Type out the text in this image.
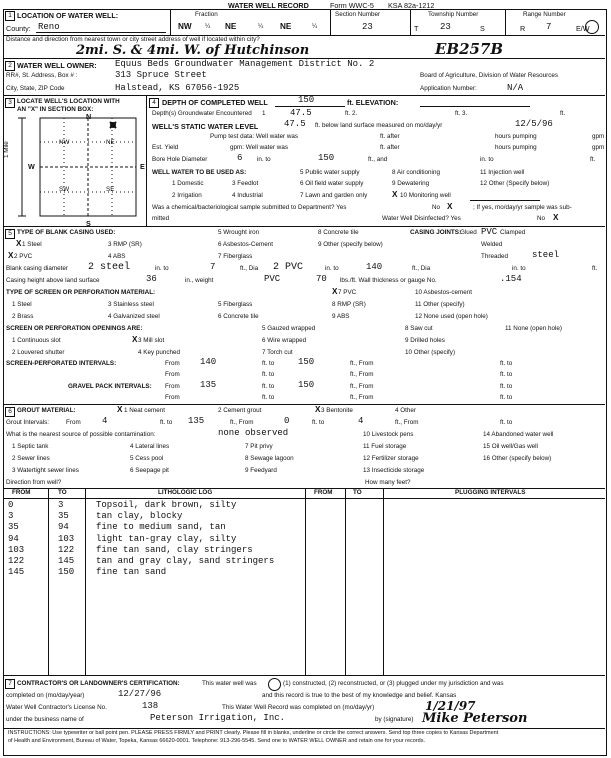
WATER WELL RECORD	Form WWC-5 KSA 82a-1212
1 LOCATION OF WATER WELL:	Fraction	Section Number	Township Number	Range Number
County: Reno	NW ¼ NE	¼ NE	¼	23	T 23	S	R 7	E/W
Distance and direction from nearest town or city street address of well if located within city?
2mi. S. & 4mi. W. of Hutchinson	EB257B
2 WATER WELL OWNER: Equus Beds Groundwater Management District No. 2
RR#, St. Address, Box # :	313 Spruce Street	Board of Agriculture, Division of Water Resources
City, State, ZIP Code	Halstead, KS 67056-1925	Application Number:	N/A
3 LOCATE WELL'S LOCATION WITH
AN "X" IN SECTION BOX:
N
S
W	E
NW	NE
SW	SE
1 Mile
4 DEPTH OF COMPLETED WELL	150	ft. ELEVATION:
Depth(s) Groundwater Encountered 1	47.5	ft. 2.	ft. 3.	ft.
WELL'S STATIC WATER LEVEL	47.5 ft. below land surface measured on mo/day/yr	12/5/96
Pump test data: Well water was	ft. after	hours pumping	gpm
Est. Yield	gpm: Well water was	ft. after	hours pumping	gpm
Bore Hole Diameter	6 in. to	150	ft., and	in. to	ft.
WELL WATER TO BE USED AS:	5 Public water supply	8 Air conditioning	11 Injection well
1 Domestic	3 Feedlot	6 Oil field water supply	9 Dewatering	12 Other (Specify below)
2 Irrigation	4 Industrial	7 Lawn and garden only	X 10 Monitoring well
Was a chemical/bacteriological sample submitted to Department? Yes	No X	; If yes, mo/day/yr sample was sub-
mitted	Water Well Disinfected? Yes	No X
5 TYPE OF BLANK CASING USED:	5 Wrought iron	8 Concrete tile	CASING JOINTS:
Glued PVC Clamped
X 1 Steel	3 RMP (SR)	6 Asbestos-Cement	9 Other (specify below)	Welded
X 2 PVC	4 ABS	7 Fiberglass	Threaded	steel
Blank casing diameter 2 steel	in. to	7	ft., Dia 2 PVC	in. to	140	ft., Dia	in. to	ft.
Casing height above land surface	36	in., weight	PVC	70 lbs./ft. Wall thickness or gauge No.	.154
TYPE OF SCREEN OR PERFORATION MATERIAL:	X 7 PVC	10 Asbestos-cement
1 Steel	3 Stainless steel	5 Fiberglass	8 RMP (SR)	11 Other (specify)
2 Brass	4 Galvanized steel	6 Concrete tile	9 ABS	12 None used (open hole)
SCREEN OR PERFORATION OPENINGS ARE:	5 Gauzed wrapped	8 Saw cut	11 None (open hole)
1 Continuous slot	X 3 Mill slot	6 Wire wrapped	9 Drilled holes
2 Louvered shutter	4 Key punched	7 Torch cut	10 Other (specify)
SCREEN-PERFORATED INTERVALS:	From 140	ft. to	150	ft., From	ft. to
From	ft. to	ft., From	ft. to
GRAVEL PACK INTERVALS: From 135	ft. to	150	ft., From	ft. to
From	ft. to	ft., From	ft. to
6 GROUT MATERIAL:	X 1 Neat cement	2 Cement grout	X 3 Bentonite	4 Other
Grout Intervals:	From 4	ft. to 135	ft., From	0	ft. to	4	ft., From	ft. to
What is the nearest source of possible contamination:	none observed	10 Livestock pens	14 Abandoned water well
1 Septic tank	4 Lateral lines	7 Pit privy	11 Fuel storage	15 Oil well/Gas well
2 Sewer lines	5 Cess pool	8 Sewage lagoon	12 Fertilizer storage	16 Other (specify below)
3 Watertight sewer lines	6 Seepage pit	9 Feedyard	13 Insecticide storage
Direction from well?	How many feet?
FROM	TO	LITHOLOGIC LOG	FROM	TO	PLUGGING INTERVALS
0	3	Topsoil, dark brown, silty
3	35	tan clay, blocky
35	94	fine to medium sand, tan
94	103 light tan-gray clay, silty
103	122 fine tan sand, clay stringers
122	145 tan and gray clay, sand stringers
145	150 fine tan sand
7 CONTRACTOR'S OR LANDOWNER'S CERTIFICATION:	This water well was	(1) constructed, (2) reconstructed, or (3) plugged under my jurisdiction and was
completed on (mo/day/year)	12/27/96	and this record is true to the best of my knowledge and belief. Kansas
Water Well Contractor's License No.	138	This Water Well Record was completed on (mo/day/yr)	1/21/97
under the business name of	Peterson Irrigation, Inc.	by (signature) Mike Peterson
INSTRUCTIONS: Use typewriter or ball point pen. PLEASE PRESS FIRMLY and PRINT clearly. Please fill in blanks, underline or circle the correct answers. Send top three copies to Kansas Department
of Health and Environment, Bureau of Water, Topeka, Kansas 66620-0001. Telephone: 913-296-5545. Send one to WATER WELL OWNER and retain one for your records.
